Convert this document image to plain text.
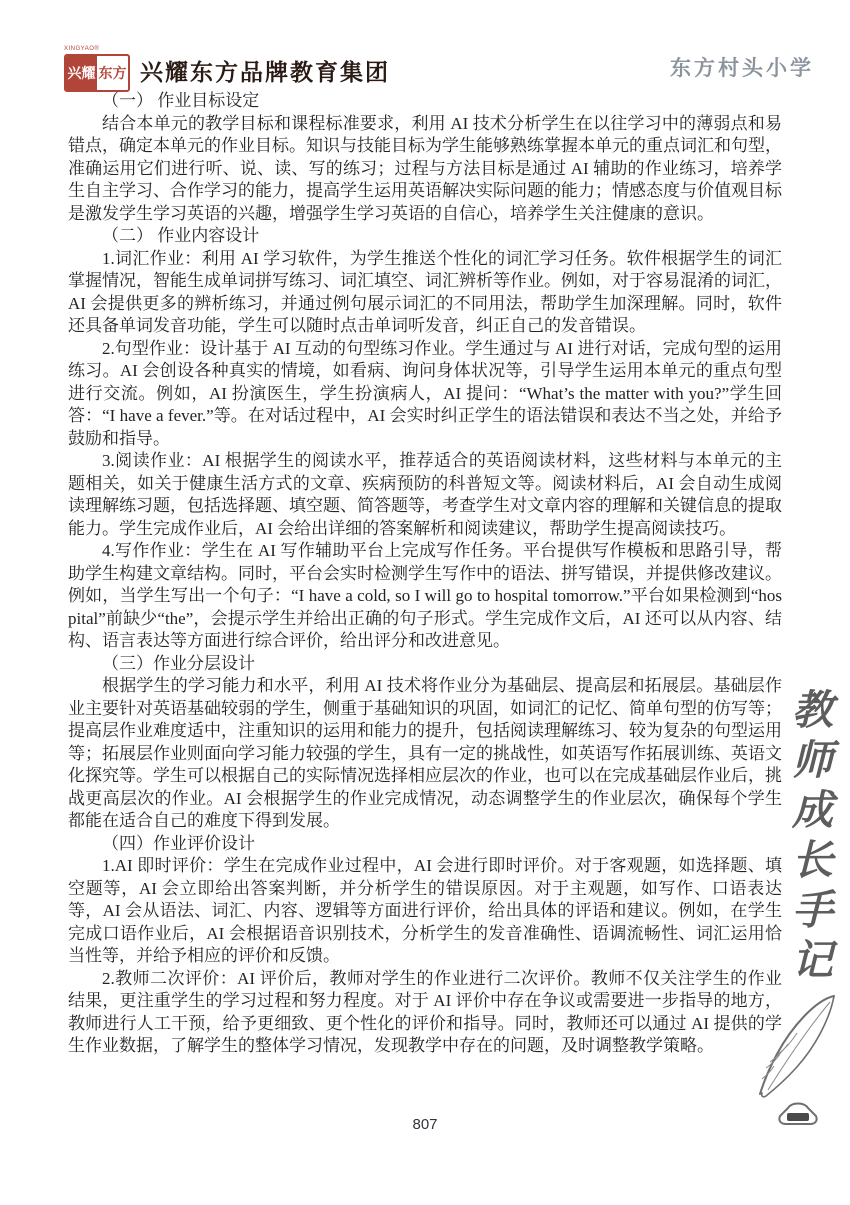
XINGYAO®
兴耀 东方 兴耀东方品牌教育集团	东方村头小学

（一） 作业目标设定

结合本单元的教学目标和课程标准要求，利用 AI 技术分析学生在以往学习中的薄弱点和易错点，确定本单元的作业目标。知识与技能目标为学生能够熟练掌握本单元的重点词汇和句型，准确运用它们进行听、说、读、写的练习；过程与方法目标是通过 AI 辅助的作业练习，培养学生自主学习、合作学习的能力，提高学生运用英语解决实际问题的能力；情感态度与价值观目标是激发学生学习英语的兴趣，增强学生学习英语的自信心，培养学生关注健康的意识。

（二） 作业内容设计

1.词汇作业：利用 AI 学习软件，为学生推送个性化的词汇学习任务。软件根据学生的词汇掌握情况，智能生成单词拼写练习、词汇填空、词汇辨析等作业。例如，对于容易混淆的词汇，AI 会提供更多的辨析练习，并通过例句展示词汇的不同用法，帮助学生加深理解。同时，软件还具备单词发音功能，学生可以随时点击单词听发音，纠正自己的发音错误。

2.句型作业：设计基于 AI 互动的句型练习作业。学生通过与 AI 进行对话，完成句型的运用练习。AI 会创设各种真实的情境，如看病、询问身体状况等，引导学生运用本单元的重点句型进行交流。例如，AI 扮演医生，学生扮演病人，AI 提问：“What’s the matter with you?”学生回答：“I have a fever.”等。在对话过程中，AI 会实时纠正学生的语法错误和表达不当之处，并给予鼓励和指导。

3.阅读作业：AI 根据学生的阅读水平，推荐适合的英语阅读材料，这些材料与本单元的主题相关，如关于健康生活方式的文章、疾病预防的科普短文等。阅读材料后，AI 会自动生成阅读理解练习题，包括选择题、填空题、简答题等，考查学生对文章内容的理解和关键信息的提取能力。学生完成作业后，AI 会给出详细的答案解析和阅读建议，帮助学生提高阅读技巧。

4.写作作业：学生在 AI 写作辅助平台上完成写作任务。平台提供写作模板和思路引导，帮助学生构建文章结构。同时，平台会实时检测学生写作中的语法、拼写错误，并提供修改建议。例如，当学生写出一个句子：“I have a cold, so I will go to hospital tomorrow.”平台如果检测到“hospital”前缺少“the”，会提示学生并给出正确的句子形式。学生完成作文后，AI 还可以从内容、结构、语言表达等方面进行综合评价，给出评分和改进意见。

（三）作业分层设计

根据学生的学习能力和水平，利用 AI 技术将作业分为基础层、提高层和拓展层。基础层作业主要针对英语基础较弱的学生，侧重于基础知识的巩固，如词汇的记忆、简单句型的仿写等；提高层作业难度适中，注重知识的运用和能力的提升，包括阅读理解练习、较为复杂的句型运用等；拓展层作业则面向学习能力较强的学生，具有一定的挑战性，如英语写作拓展训练、英语文化探究等。学生可以根据自己的实际情况选择相应层次的作业，也可以在完成基础层作业后，挑战更高层次的作业。AI 会根据学生的作业完成情况，动态调整学生的作业层次，确保每个学生都能在适合自己的难度下得到发展。

（四）作业评价设计

1.AI 即时评价：学生在完成作业过程中，AI 会进行即时评价。对于客观题，如选择题、填空题等，AI 会立即给出答案判断，并分析学生的错误原因。对于主观题，如写作、口语表达等，AI 会从语法、词汇、内容、逻辑等方面进行评价，给出具体的评语和建议。例如，在学生完成口语作业后，AI 会根据语音识别技术，分析学生的发音准确性、语调流畅性、词汇运用恰当性等，并给予相应的评价和反馈。

2.教师二次评价：AI 评价后，教师对学生的作业进行二次评价。教师不仅关注学生的作业结果，更注重学生的学习过程和努力程度。对于 AI 评价中存在争议或需要进一步指导的地方，教师进行人工干预，给予更细致、更个性化的评价和指导。同时，教师还可以通过 AI 提供的学生作业数据，了解学生的整体学习情况，发现教学中存在的问题，及时调整教学策略。

教师成长手记
807
